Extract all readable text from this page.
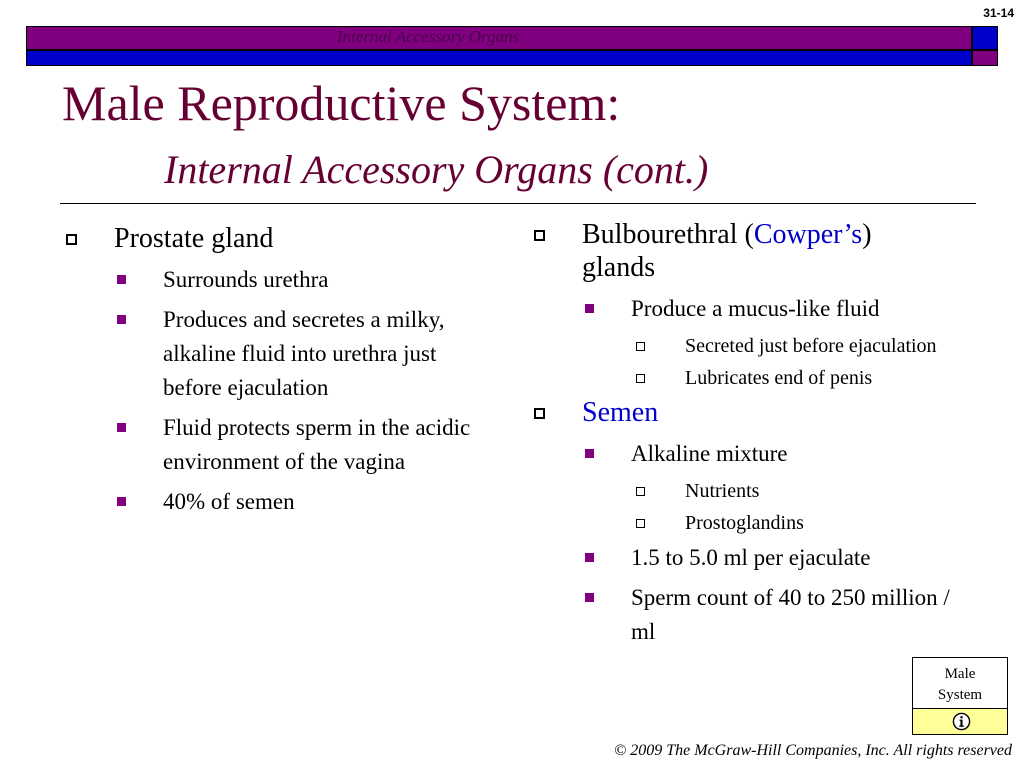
31-14
Internal Accessory Organs
Male Reproductive System:
Internal Accessory Organs (cont.)
Prostate gland
Surrounds urethra
Produces and secretes a milky, alkaline fluid into urethra just before ejaculation
Fluid protects sperm in the acidic environment of the vagina
40% of semen
Bulbourethral (Cowper’s) glands
Produce a mucus-like fluid
Secreted just before ejaculation
Lubricates end of penis
Semen
Alkaline mixture
Nutrients
Prostoglandins
1.5 to 5.0 ml per ejaculate
Sperm count of 40 to 250 million / ml
Male
System
© 2009 The McGraw-Hill Companies, Inc. All rights reserved
